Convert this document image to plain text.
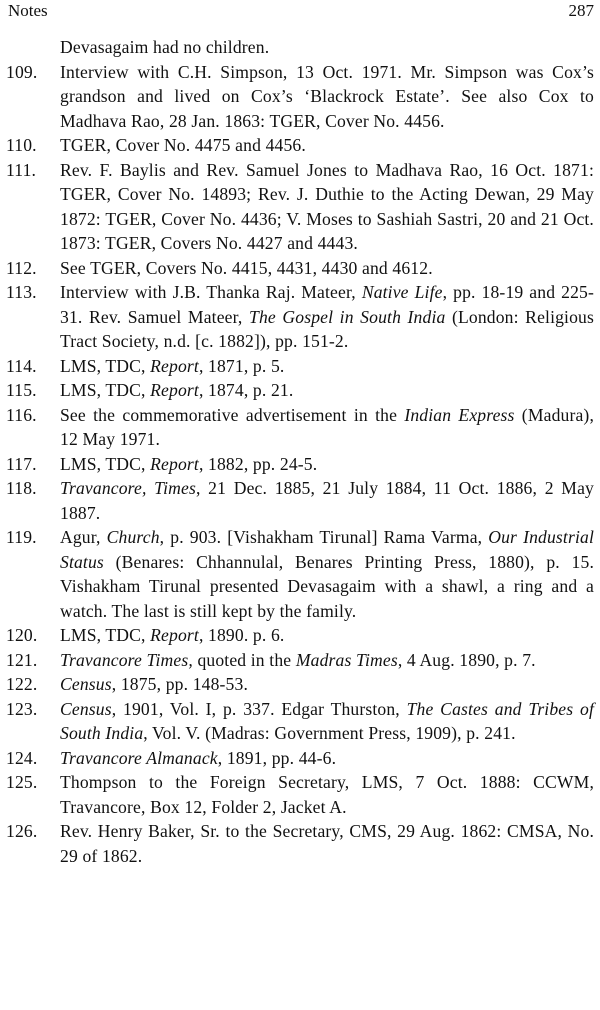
Notes	287
Devasagaim had no children.
109.	Interview with C.H. Simpson, 13 Oct. 1971. Mr. Simpson was Cox’s grandson and lived on Cox’s ‘Blackrock Estate’. See also Cox to Madhava Rao, 28 Jan. 1863: TGER, Cover No. 4456.
110.	TGER, Cover No. 4475 and 4456.
111.	Rev. F. Baylis and Rev. Samuel Jones to Madhava Rao, 16 Oct. 1871: TGER, Cover No. 14893; Rev. J. Duthie to the Acting Dewan, 29 May 1872: TGER, Cover No. 4436; V. Moses to Sashiah Sastri, 20 and 21 Oct. 1873: TGER, Covers No. 4427 and 4443.
112.	See TGER, Covers No. 4415, 4431, 4430 and 4612.
113.	Interview with J.B. Thanka Raj. Mateer, Native Life, pp. 18-19 and 225-31. Rev. Samuel Mateer, The Gospel in South India (London: Religious Tract Society, n.d. [c. 1882]), pp. 151-2.
114.	LMS, TDC, Report, 1871, p. 5.
115.	LMS, TDC, Report, 1874, p. 21.
116.	See the commemorative advertisement in the Indian Express (Madura), 12 May 1971.
117.	LMS, TDC, Report, 1882, pp. 24-5.
118.	Travancore, Times, 21 Dec. 1885, 21 July 1884, 11 Oct. 1886, 2 May 1887.
119.	Agur, Church, p. 903. [Vishakham Tirunal] Rama Varma, Our Industrial Status (Benares: Chhannulal, Benares Printing Press, 1880), p. 15. Vishakham Tirunal presented Devasagaim with a shawl, a ring and a watch. The last is still kept by the family.
120.	LMS, TDC, Report, 1890. p. 6.
121.	Travancore Times, quoted in the Madras Times, 4 Aug. 1890, p. 7.
122.	Census, 1875, pp. 148-53.
123.	Census, 1901, Vol. I, p. 337. Edgar Thurston, The Castes and Tribes of South India, Vol. V. (Madras: Government Press, 1909), p. 241.
124.	Travancore Almanack, 1891, pp. 44-6.
125.	Thompson to the Foreign Secretary, LMS, 7 Oct. 1888: CCWM, Travancore, Box 12, Folder 2, Jacket A.
126.	Rev. Henry Baker, Sr. to the Secretary, CMS, 29 Aug. 1862: CMSA, No. 29 of 1862.
